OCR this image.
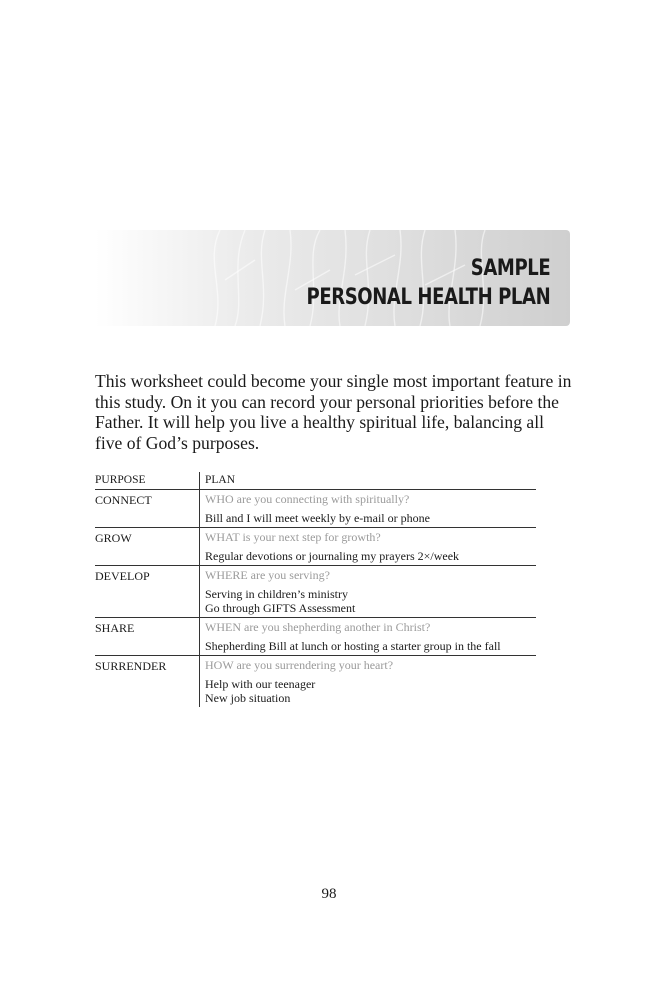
SAMPLE
PERSONAL HEALTH PLAN

This worksheet could become your single most important feature in this study. On it you can record your personal priorities before the Father. It will help you live a healthy spiritual life, balancing all five of God’s purposes.

PURPOSE	PLAN
CONNECT	WHO are you connecting with spiritually?
Bill and I will meet weekly by e-mail or phone
GROW	WHAT is your next step for growth?
Regular devotions or journaling my prayers 2×/week
DEVELOP	WHERE are you serving?
Serving in children’s ministry
Go through GIFTS Assessment
SHARE	WHEN are you shepherding another in Christ?
Shepherding Bill at lunch or hosting a starter group in the fall
SURRENDER	HOW are you surrendering your heart?
Help with our teenager
New job situation
98
